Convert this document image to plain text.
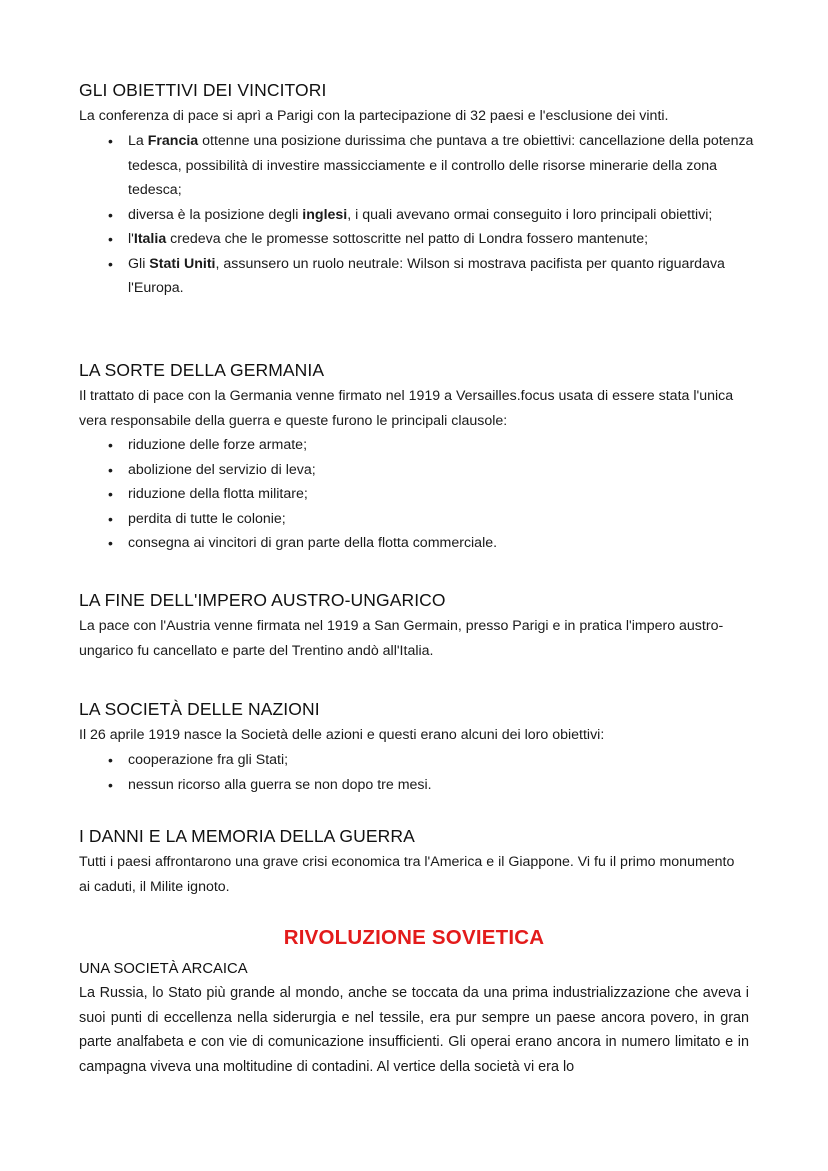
GLI OBIETTIVI DEI VINCITORI

La conferenza di pace si aprì a Parigi con la partecipazione di 32 paesi e l'esclusione dei vinti.

• La Francia ottenne una posizione durissima che puntava a tre obiettivi: cancellazione della potenza tedesca, possibilità di investire massicciamente e il controllo delle risorse minerarie della zona tedesca;
• diversa è la posizione degli inglesi, i quali avevano ormai conseguito i loro principali obiettivi;
• l'Italia credeva che le promesse sottoscritte nel patto di Londra fossero mantenute;
• Gli Stati Uniti, assunsero un ruolo neutrale: Wilson si mostrava pacifista per quanto riguardava l'Europa.
LA SORTE DELLA GERMANIA

Il trattato di pace con la Germania venne firmato nel 1919 a Versailles.focus usata di essere stata l'unica vera responsabile della guerra e queste furono le principali clausole:

• riduzione delle forze armate;
• abolizione del servizio di leva;
• riduzione della flotta militare;
• perdita di tutte le colonie;
• consegna ai vincitori di gran parte della flotta commerciale.
LA FINE DELL'IMPERO AUSTRO-UNGARICO

La pace con l'Austria venne firmata nel 1919 a San Germain, presso Parigi e in pratica l'impero austro-ungarico fu cancellato e parte del Trentino andò all'Italia.

LA SOCIETÀ DELLE NAZIONI

Il 26 aprile 1919 nasce la Società delle azioni e questi erano alcuni dei loro obiettivi:

• cooperazione fra gli Stati;
• nessun ricorso alla guerra se non dopo tre mesi.
I DANNI E LA MEMORIA DELLA GUERRA

Tutti i paesi affrontarono una grave crisi economica tra l'America e il Giappone. Vi fu il primo monumento ai caduti, il Milite ignoto.

RIVOLUZIONE SOVIETICA

UNA SOCIETÀ ARCAICA

La Russia, lo Stato più grande al mondo, anche se toccata da una prima industrializzazione che aveva i suoi punti di eccellenza nella siderurgia e nel tessile, era pur sempre un paese ancora povero, in gran parte analfabeta e con vie di comunicazione insufficienti. Gli operai erano ancora in numero limitato e in campagna viveva una moltitudine di contadini. Al vertice della società vi era lo
